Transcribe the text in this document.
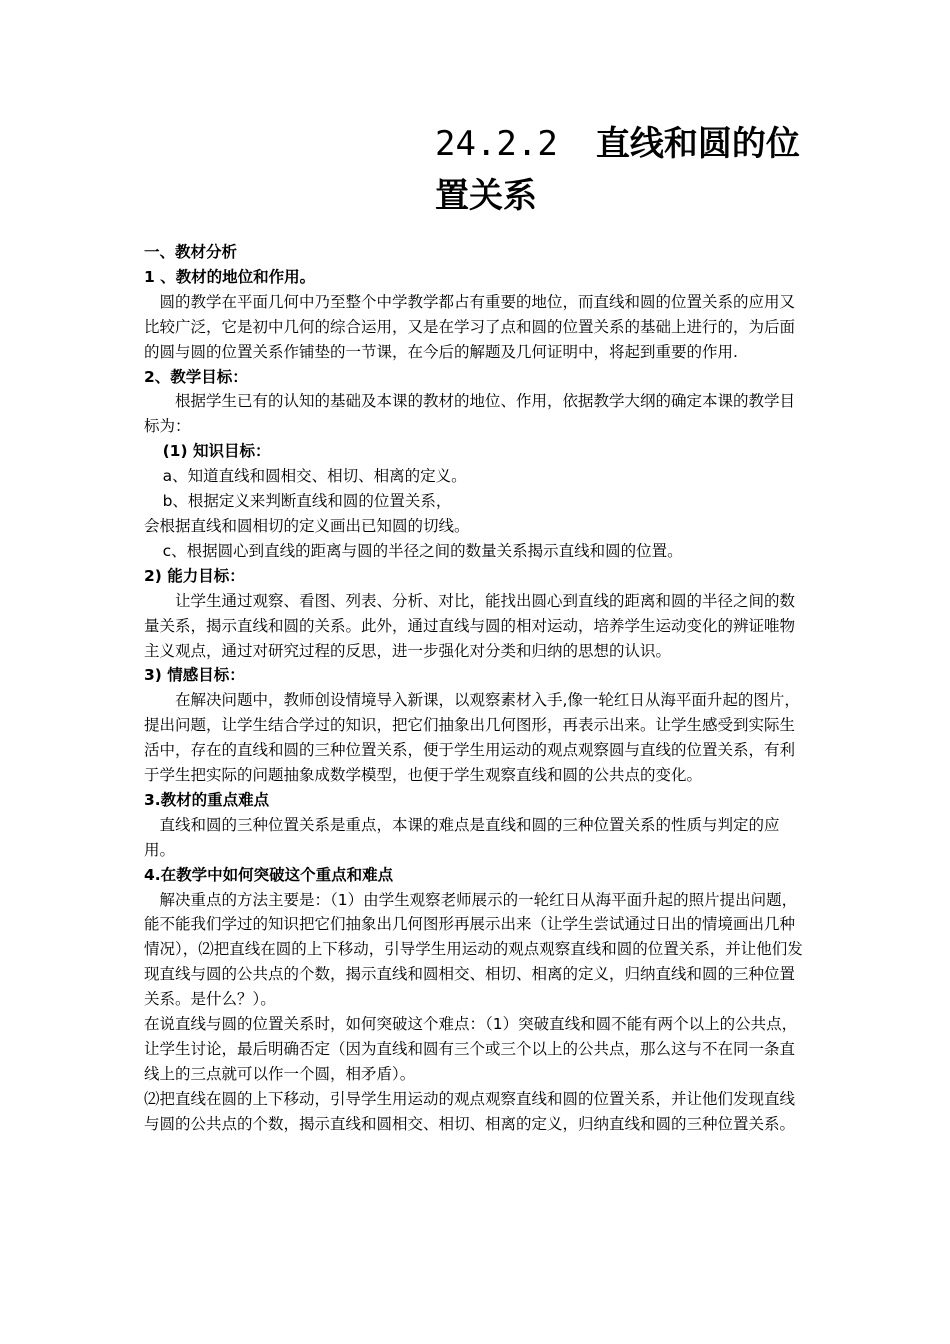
24.2.2 直线和圆的位置关系

一、教材分析

1 、教材的地位和作用。

圆的教学在平面几何中乃至整个中学教学都占有重要的地位，而直线和圆的位置关系的应用又比较广泛，它是初中几何的综合运用，又是在学习了点和圆的位置关系的基础上进行的，为后面的圆与圆的位置关系作铺垫的一节课，在今后的解题及几何证明中，将起到重要的作用.

2、教学目标：

根据学生已有的认知的基础及本课的教材的地位、作用，依据教学大纲的确定本课的教学目标为：

(1) 知识目标：

a、知道直线和圆相交、相切、相离的定义。

b、根据定义来判断直线和圆的位置关系，

会根据直线和圆相切的定义画出已知圆的切线。

c、根据圆心到直线的距离与圆的半径之间的数量关系揭示直线和圆的位置。

2) 能力目标：

让学生通过观察、看图、列表、分析、对比，能找出圆心到直线的距离和圆的半径之间的数量关系，揭示直线和圆的关系。此外，通过直线与圆的相对运动，培养学生运动变化的辨证唯物主义观点，通过对研究过程的反思，进一步强化对分类和归纳的思想的认识。

3) 情感目标：

在解决问题中，教师创设情境导入新课，以观察素材入手,像一轮红日从海平面升起的图片，提出问题，让学生结合学过的知识，把它们抽象出几何图形，再表示出来。让学生感受到实际生活中，存在的直线和圆的三种位置关系，便于学生用运动的观点观察圆与直线的位置关系，有利于学生把实际的问题抽象成数学模型，也便于学生观察直线和圆的公共点的变化。

3.教材的重点难点

直线和圆的三种位置关系是重点，本课的难点是直线和圆的三种位置关系的性质与判定的应用。

4.在教学中如何突破这个重点和难点

解决重点的方法主要是：（1）由学生观察老师展示的一轮红日从海平面升起的照片提出问题，能不能我们学过的知识把它们抽象出几何图形再展示出来（让学生尝试通过日出的情境画出几种情况），⑵把直线在圆的上下移动，引导学生用运动的观点观察直线和圆的位置关系，并让他们发现直线与圆的公共点的个数，揭示直线和圆相交、相切、相离的定义，归纳直线和圆的三种位置关系。是什么？）。

在说直线与圆的位置关系时，如何突破这个难点：（1）突破直线和圆不能有两个以上的公共点，让学生讨论，最后明确否定（因为直线和圆有三个或三个以上的公共点，那么这与不在同一条直线上的三点就可以作一个圆，相矛盾）。

⑵把直线在圆的上下移动，引导学生用运动的观点观察直线和圆的位置关系，并让他们发现直线与圆的公共点的个数，揭示直线和圆相交、相切、相离的定义，归纳直线和圆的三种位置关系。
